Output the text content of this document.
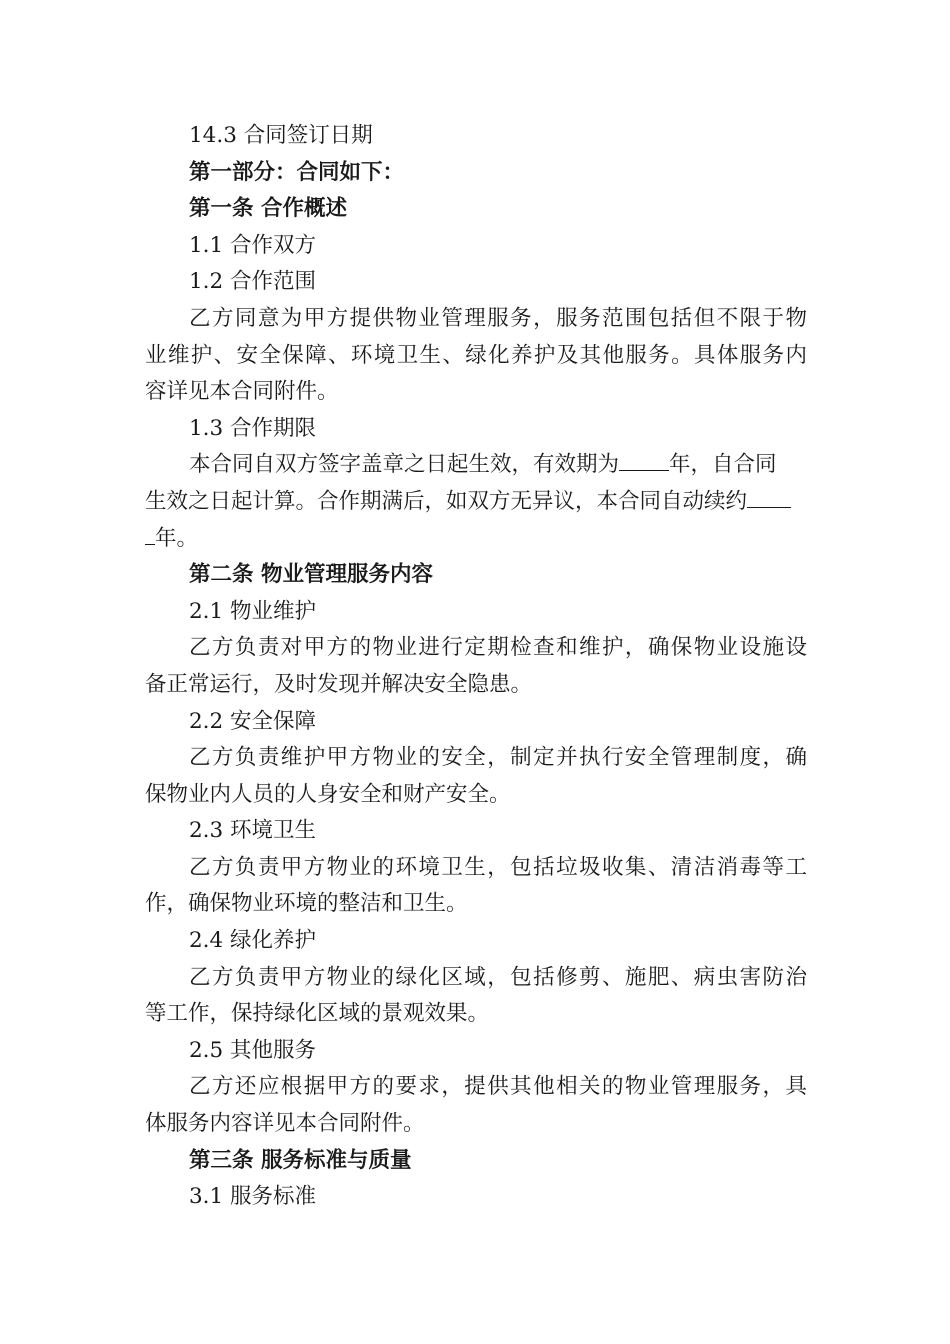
14.3 合同签订日期
第一部分：合同如下：
第一条 合作概述
1.1 合作双方
1.2 合作范围
乙方同意为甲方提供物业管理服务，服务范围包括但不限于物
业维护、安全保障、环境卫生、绿化养护及其他服务。具体服务内
容详见本合同附件。
1.3 合作期限
本合同自双方签字盖章之日起生效，有效期为 年，自合同
生效之日起计算。合作期满后，如双方无异议，本合同自动续约
年。
第二条 物业管理服务内容
2.1 物业维护
乙方负责对甲方的物业进行定期检查和维护，确保物业设施设
备正常运行，及时发现并解决安全隐患。
2.2 安全保障
乙方负责维护甲方物业的安全，制定并执行安全管理制度，确
保物业内人员的人身安全和财产安全。
2.3 环境卫生
乙方负责甲方物业的环境卫生，包括垃圾收集、清洁消毒等工
作，确保物业环境的整洁和卫生。
2.4 绿化养护
乙方负责甲方物业的绿化区域，包括修剪、施肥、病虫害防治
等工作，保持绿化区域的景观效果。
2.5 其他服务
乙方还应根据甲方的要求，提供其他相关的物业管理服务，具
体服务内容详见本合同附件。
第三条 服务标准与质量
3.1 服务标准
